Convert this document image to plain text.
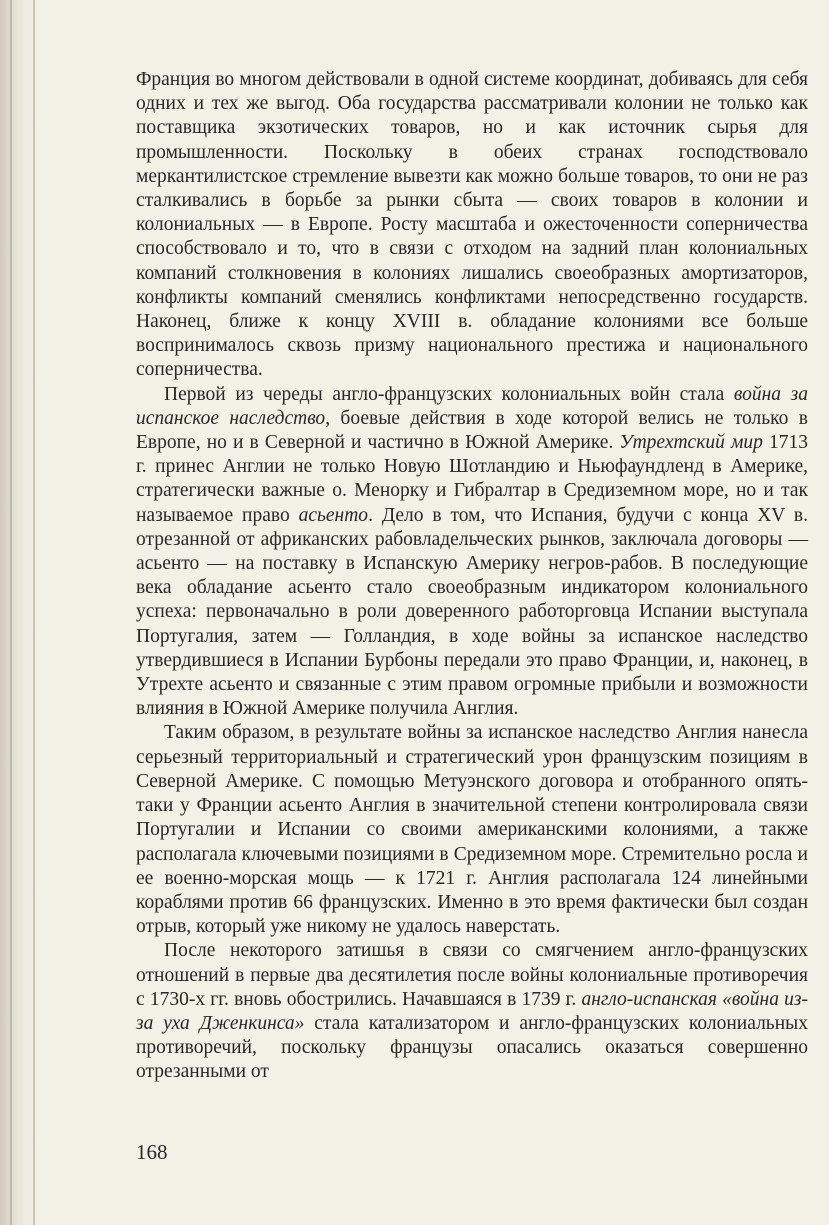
Франция во многом действовали в одной системе координат, добиваясь для себя одних и тех же выгод. Оба государства рассматривали колонии не только как поставщика экзотических товаров, но и как источник сырья для промышленности. Поскольку в обеих странах господствовало меркантилистское стремление вывезти как можно больше товаров, то они не раз сталкивались в борьбе за рынки сбыта — своих товаров в колонии и колониальных — в Европе. Росту масштаба и ожесточенности соперничества способствовало и то, что в связи с отходом на задний план колониальных компаний столкновения в колониях лишались своеобразных амортизаторов, конфликты компаний сменялись конфликтами непосредственно государств. Наконец, ближе к концу XVIII в. обладание колониями все больше воспринималось сквозь призму национального престижа и национального соперничества.

Первой из череды англо-французских колониальных войн стала война за испанское наследство, боевые действия в ходе которой велись не только в Европе, но и в Северной и частично в Южной Америке. Утрехтский мир 1713 г. принес Англии не только Новую Шотландию и Ньюфаундленд в Америке, стратегически важные о. Менорку и Гибралтар в Средиземном море, но и так называемое право асьенто. Дело в том, что Испания, будучи с конца XV в. отрезанной от африканских рабовладельческих рынков, заключала договоры — асьенто — на поставку в Испанскую Америку негров-рабов. В последующие века обладание асьенто стало своеобразным индикатором колониального успеха: первоначально в роли доверенного работорговца Испании выступала Португалия, затем — Голландия, в ходе войны за испанское наследство утвердившиеся в Испании Бурбоны передали это право Франции, и, наконец, в Утрехте асьенто и связанные с этим правом огромные прибыли и возможности влияния в Южной Америке получила Англия.

Таким образом, в результате войны за испанское наследство Англия нанесла серьезный территориальный и стратегический урон французским позициям в Северной Америке. С помощью Метуэнского договора и отобранного опять-таки у Франции асьенто Англия в значительной степени контролировала связи Португалии и Испании со своими американскими колониями, а также располагала ключевыми позициями в Средиземном море. Стремительно росла и ее военно-морская мощь — к 1721 г. Англия располагала 124 линейными кораблями против 66 французских. Именно в это время фактически был создан отрыв, который уже никому не удалось наверстать.

После некоторого затишья в связи со смягчением англо-французских отношений в первые два десятилетия после войны колониальные противоречия с 1730-х гг. вновь обострились. Начавшаяся в 1739 г. англо-испанская «война из-за уха Дженкинса» стала катализатором и англо-французских колониальных противоречий, поскольку французы опасались оказаться совершенно отрезанными от

168
